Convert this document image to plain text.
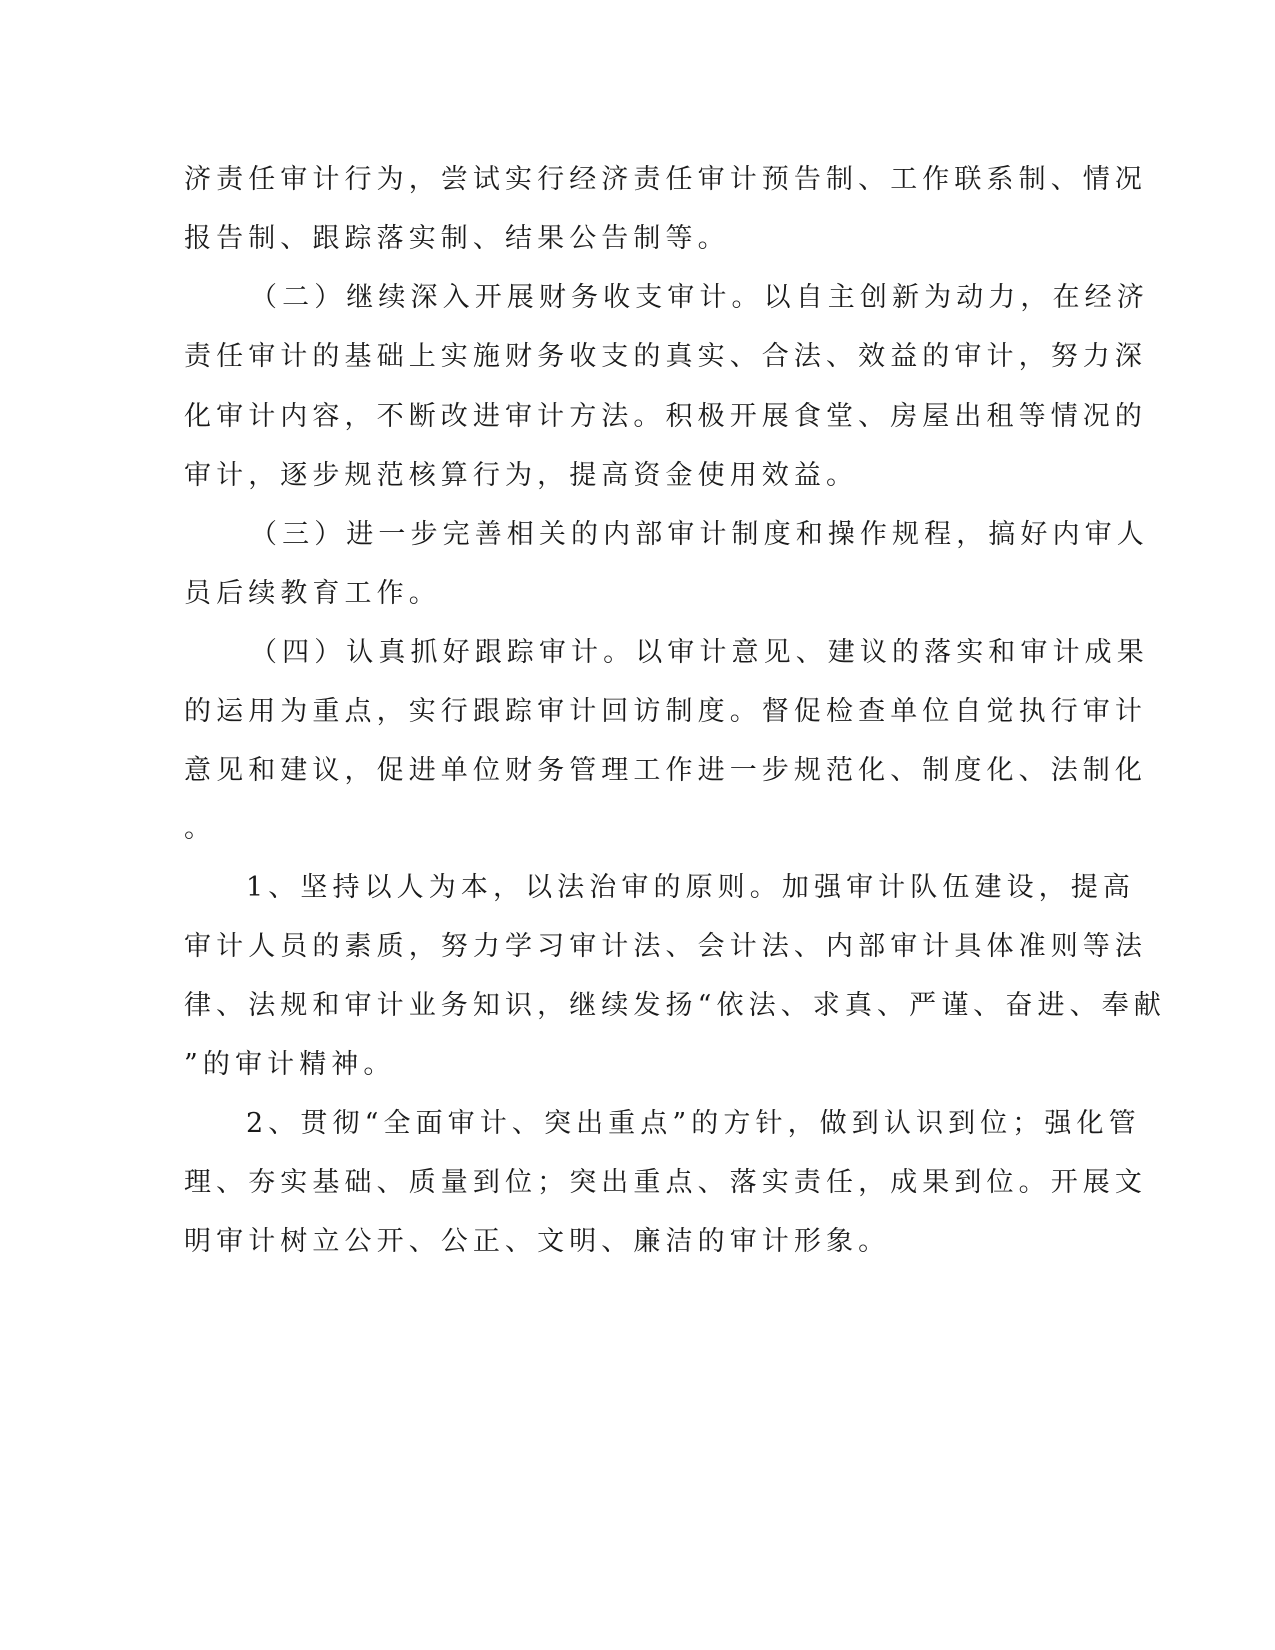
济责任审计行为，尝试实行经济责任审计预告制、工作联系制、情况

报告制、跟踪落实制、结果公告制等。

（二）继续深入开展财务收支审计。以自主创新为动力，在经济

责任审计的基础上实施财务收支的真实、合法、效益的审计，努力深

化审计内容，不断改进审计方法。积极开展食堂、房屋出租等情况的

审计，逐步规范核算行为，提高资金使用效益。

（三）进一步完善相关的内部审计制度和操作规程，搞好内审人

员后续教育工作。

（四）认真抓好跟踪审计。以审计意见、建议的落实和审计成果

的运用为重点，实行跟踪审计回访制度。督促检查单位自觉执行审计

意见和建议，促进单位财务管理工作进一步规范化、制度化、法制化

。

1、坚持以人为本，以法治审的原则。加强审计队伍建设，提高

审计人员的素质，努力学习审计法、会计法、内部审计具体准则等法

律、法规和审计业务知识，继续发扬“依法、求真、严谨、奋进、奉献

”的审计精神。

2、贯彻“全面审计、突出重点”的方针，做到认识到位；强化管

理、夯实基础、质量到位；突出重点、落实责任，成果到位。开展文

明审计树立公开、公正、文明、廉洁的审计形象。
